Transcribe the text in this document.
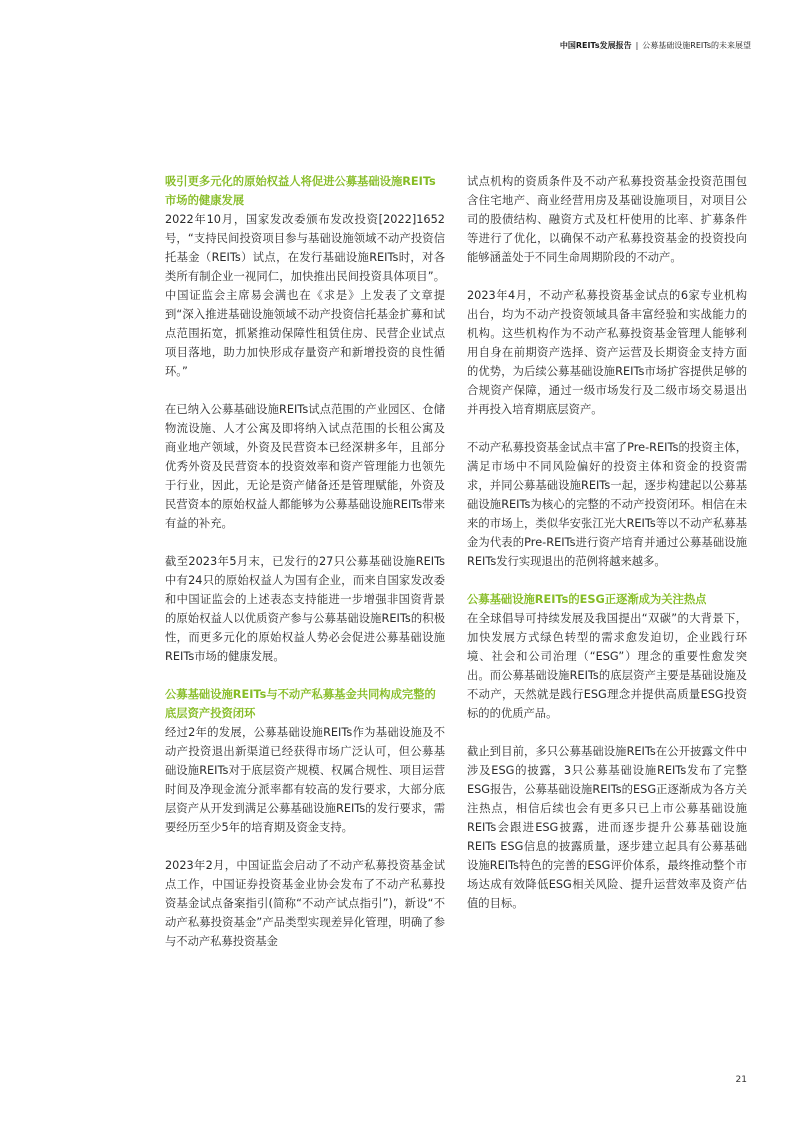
中国REITs发展报告 | 公募基础设施REITs的未来展望
吸引更多元化的原始权益人将促进公募基础设施REITs市场的健康发展

2022年10月，国家发改委颁布发改投资[2022]1652号，“支持民间投资项目参与基础设施领域不动产投资信托基金（REITs）试点，在发行基础设施REITs时，对各类所有制企业一视同仁，加快推出民间投资具体项目”。中国证监会主席易会满也在《求是》上发表了文章提到“深入推进基础设施领域不动产投资信托基金扩募和试点范围拓宽，抓紧推动保障性租赁住房、民营企业试点项目落地，助力加快形成存量资产和新增投资的良性循环。”

在已纳入公募基础设施REITs试点范围的产业园区、仓储物流设施、人才公寓及即将纳入试点范围的长租公寓及商业地产领域，外资及民营资本已经深耕多年，且部分优秀外资及民营资本的投资效率和资产管理能力也领先于行业，因此，无论是资产储备还是管理赋能，外资及民营资本的原始权益人都能够为公募基础设施REITs带来有益的补充。

截至2023年5月末，已发行的27只公募基础设施REITs中有24只的原始权益人为国有企业，而来自国家发改委和中国证监会的上述表态支持能进一步增强非国资背景的原始权益人以优质资产参与公募基础设施REITs的积极性，而更多元化的原始权益人势必会促进公募基础设施REITs市场的健康发展。

公募基础设施REITs与不动产私募基金共同构成完整的底层资产投资闭环

经过2年的发展，公募基础设施REITs作为基础设施及不动产投资退出新渠道已经获得市场广泛认可，但公募基础设施REITs对于底层资产规模、权属合规性、项目运营时间及净现金流分派率都有较高的发行要求，大部分底层资产从开发到满足公募基础设施REITs的发行要求，需要经历至少5年的培育期及资金支持。

2023年2月，中国证监会启动了不动产私募投资基金试点工作，中国证券投资基金业协会发布了不动产私募投资基金试点备案指引(简称“不动产试点指引”)，新设“不动产私募投资基金”产品类型实现差异化管理，明确了参与不动产私募投资基金

试点机构的资质条件及不动产私募投资基金投资范围包含住宅地产、商业经营用房及基础设施项目，对项目公司的股债结构、融资方式及杠杆使用的比率、扩募条件等进行了优化，以确保不动产私募投资基金的投资投向能够涵盖处于不同生命周期阶段的不动产。

2023年4月，不动产私募投资基金试点的6家专业机构出台，均为不动产投资领域具备丰富经验和实战能力的机构。这些机构作为不动产私募投资基金管理人能够利用自身在前期资产选择、资产运营及长期资金支持方面的优势，为后续公募基础设施REITs市场扩容提供足够的合规资产保障，通过一级市场发行及二级市场交易退出并再投入培育期底层资产。

不动产私募投资基金试点丰富了Pre-REITs的投资主体，满足市场中不同风险偏好的投资主体和资金的投资需求，并同公募基础设施REITs一起，逐步构建起以公募基础设施REITs为核心的完整的不动产投资闭环。相信在未来的市场上，类似华安张江光大REITs等以不动产私募基金为代表的Pre-REITs进行资产培育并通过公募基础设施REITs发行实现退出的范例将越来越多。

公募基础设施REITs的ESG正逐渐成为关注热点

在全球倡导可持续发展及我国提出“双碳”的大背景下，加快发展方式绿色转型的需求愈发迫切，企业践行环境、社会和公司治理（“ESG”）理念的重要性愈发突出。而公募基础设施REITs的底层资产主要是基础设施及不动产，天然就是践行ESG理念并提供高质量ESG投资标的的优质产品。

截止到目前，多只公募基础设施REITs在公开披露文件中涉及ESG的披露，3只公募基础设施REITs发布了完整ESG报告，公募基础设施REITs的ESG正逐渐成为各方关注热点，相信后续也会有更多只已上市公募基础设施REITs会跟进ESG披露，进而逐步提升公募基础设施REITs ESG信息的披露质量，逐步建立起具有公募基础设施REITs特色的完善的ESG评价体系，最终推动整个市场达成有效降低ESG相关风险、提升运营效率及资产估值的目标。

21
